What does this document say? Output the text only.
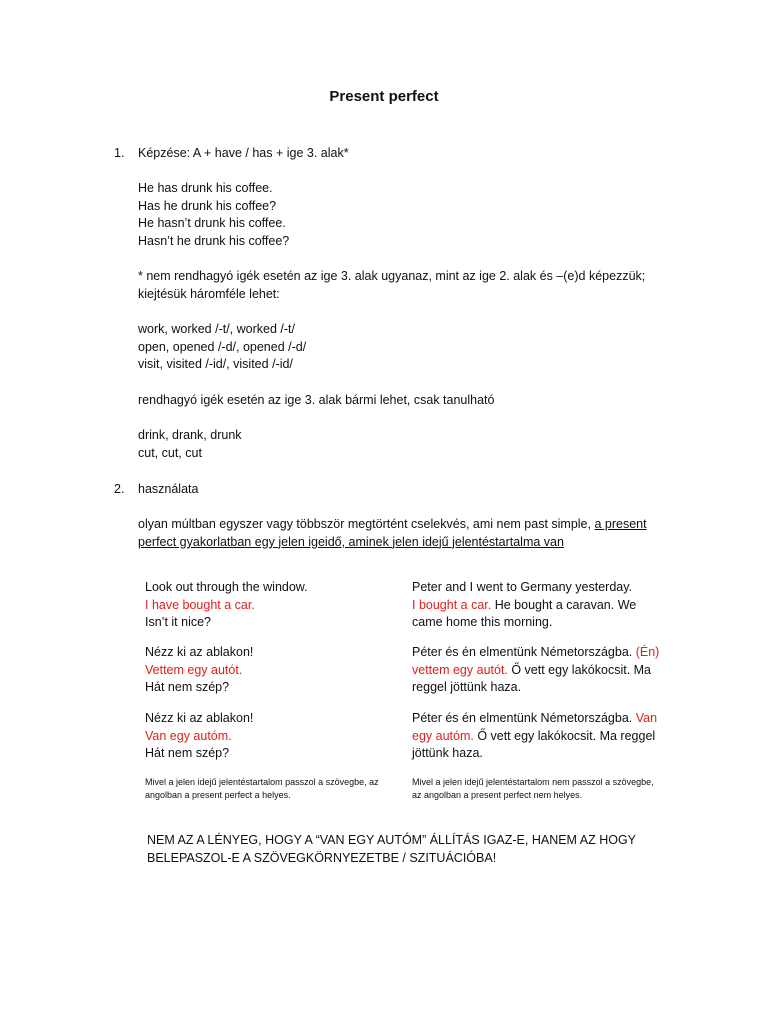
Present perfect
1. Képzése: A + have / has + ige 3. alak*
He has drunk his coffee.
Has he drunk his coffee?
He hasn’t drunk his coffee.
Hasn’t he drunk his coffee?
* nem rendhagyó igék esetén az ige 3. alak ugyanaz, mint az ige 2. alak és –(e)d képezzük;
kiejtésük háromféle lehet:
work, worked /-t/, worked /-t/
open, opened /-d/, opened /-d/
visit, visited /-id/, visited /-id/
rendhagyó igék esetén az ige 3. alak bármi lehet, csak tanulható
drink, drank, drunk
cut, cut, cut
2. használata
olyan múltban egyszer vagy többször megtörtént cselekvés, ami nem past simple, a present
perfect gyakorlatban egy jelen igeidő, aminek jelen idejű jelentéstartalma van
Look out through the window.
I have bought a car.
Isn’t it nice?
Nézz ki az ablakon!
Vettem egy autót.
Hát nem szép?
Nézz ki az ablakon!
Van egy autóm.
Hát nem szép?
Mivel a jelen idejű jelentéstartalom passzol a szövegbe, az
angolban a present perfect a helyes.
Peter and I went to Germany yesterday.
I bought a car. He bought a caravan. We
came home this morning.
Péter és én elmentünk Németországba. (Én)
vettem egy autót. Ő vett egy lakókocsit. Ma
reggel jöttünk haza.
Péter és én elmentünk Németországba. Van
egy autóm. Ő vett egy lakókocsit. Ma reggel
jöttünk haza.
Mivel a jelen idejű jelentéstartalom nem passzol a szövegbe,
az angolban a present perfect nem helyes.
NEM AZ A LÉNYEG, HOGY A “VAN EGY AUTÓM” ÁLLÍTÁS IGAZ-E, HANEM AZ HOGY
BELEPASZOL-E A SZÖVEGKÖRNYEZETBE / SZITUÁCIÓBA!
